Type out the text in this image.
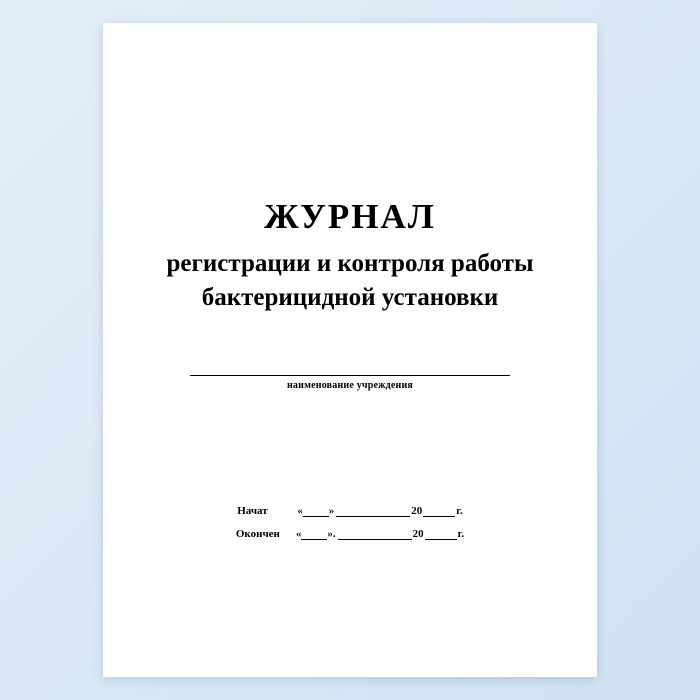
ЖУРНАЛ
регистрации и контроля работы
бактерицидной установки
наименование учреждения
Начат	« »	20	г.
Окончен	« ».	20	г.
